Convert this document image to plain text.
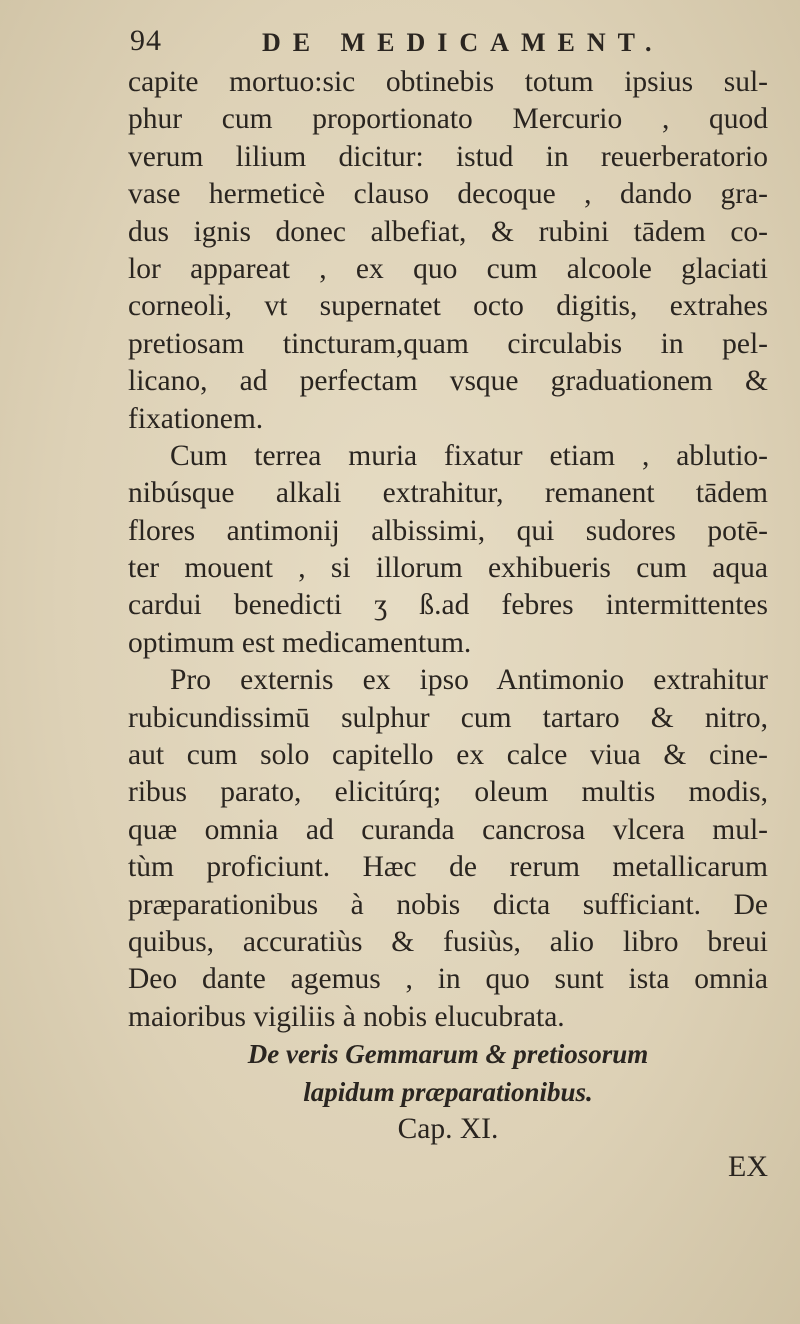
94	DE MEDICAMENT.
capite mortuo:sic obtinebis totum ipsius sul-
phur cum proportionato Mercurio , quod
verum lilium dicitur: istud in reuerberatorio
vase hermeticè clauso decoque , dando gra-
dus ignis donec albefiat, & rubini tādem co-
lor appareat , ex quo cum alcoole glaciati
corneoli, vt supernatet octo digitis, extrahes
pretiosam tincturam,quam circulabis in pel-
licano, ad perfectam vsque graduationem &
fixationem.
Cum terrea muria fixatur etiam , ablutio-
nibúsque alkali extrahitur, remanent tādem
flores antimonij albissimi, qui sudores potē-
ter mouent , si illorum exhibueris cum aqua
cardui benedicti ʒ ß.ad febres intermittentes
optimum est medicamentum.
Pro externis ex ipso Antimonio extrahitur
rubicundissimū sulphur cum tartaro & nitro,
aut cum solo capitello ex calce viua & cine-
ribus parato, elicitúrq; oleum multis modis,
quæ omnia ad curanda cancrosa vlcera mul-
tùm proficiunt. Hæc de rerum metallicarum
præparationibus à nobis dicta sufficiant. De
quibus, accuratiùs & fusiùs, alio libro breui
Deo dante agemus , in quo sunt ista omnia
maioribus vigiliis à nobis elucubrata.
De veris Gemmarum & pretiosorum
lapidum præparationibus.
Cap. XI.
EX
